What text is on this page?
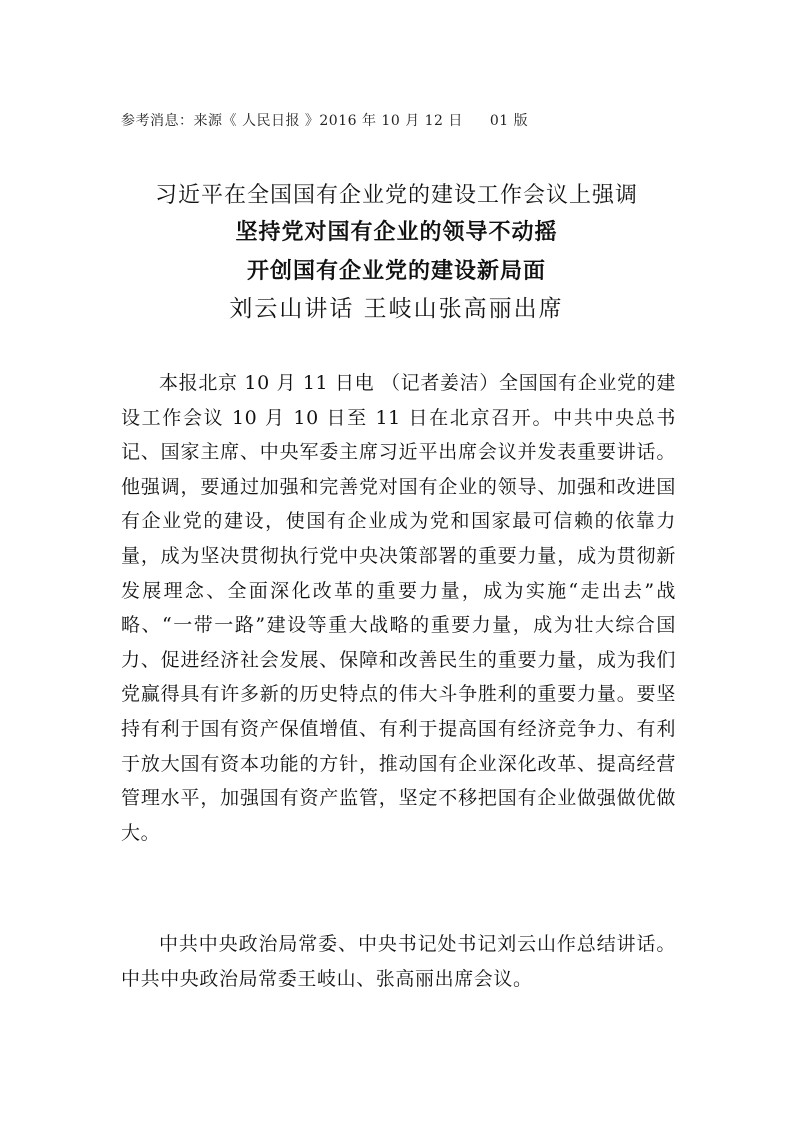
参考消息：来源《 人民日报 》2016 年 10 月 12 日 01 版
习近平在全国国有企业党的建设工作会议上强调
坚持党对国有企业的领导不动摇
开创国有企业党的建设新局面
刘云山讲话 王岐山张高丽出席

本报北京 10 月 11 日电 （记者姜洁）全国国有企业党的建设工作会议 10 月 10 日至 11 日在北京召开。中共中央总书记、国家主席、中央军委主席习近平出席会议并发表重要讲话。他强调，要通过加强和完善党对国有企业的领导、加强和改进国有企业党的建设，使国有企业成为党和国家最可信赖的依靠力量，成为坚决贯彻执行党中央决策部署的重要力量，成为贯彻新发展理念、全面深化改革的重要力量，成为实施“走出去”战略、“一带一路”建设等重大战略的重要力量，成为壮大综合国力、促进经济社会发展、保障和改善民生的重要力量，成为我们党赢得具有许多新的历史特点的伟大斗争胜利的重要力量。要坚持有利于国有资产保值增值、有利于提高国有经济竞争力、有利于放大国有资本功能的方针，推动国有企业深化改革、提高经营管理水平，加强国有资产监管，坚定不移把国有企业做强做优做大。

中共中央政治局常委、中央书记处书记刘云山作总结讲话。中共中央政治局常委王岐山、张高丽出席会议。
